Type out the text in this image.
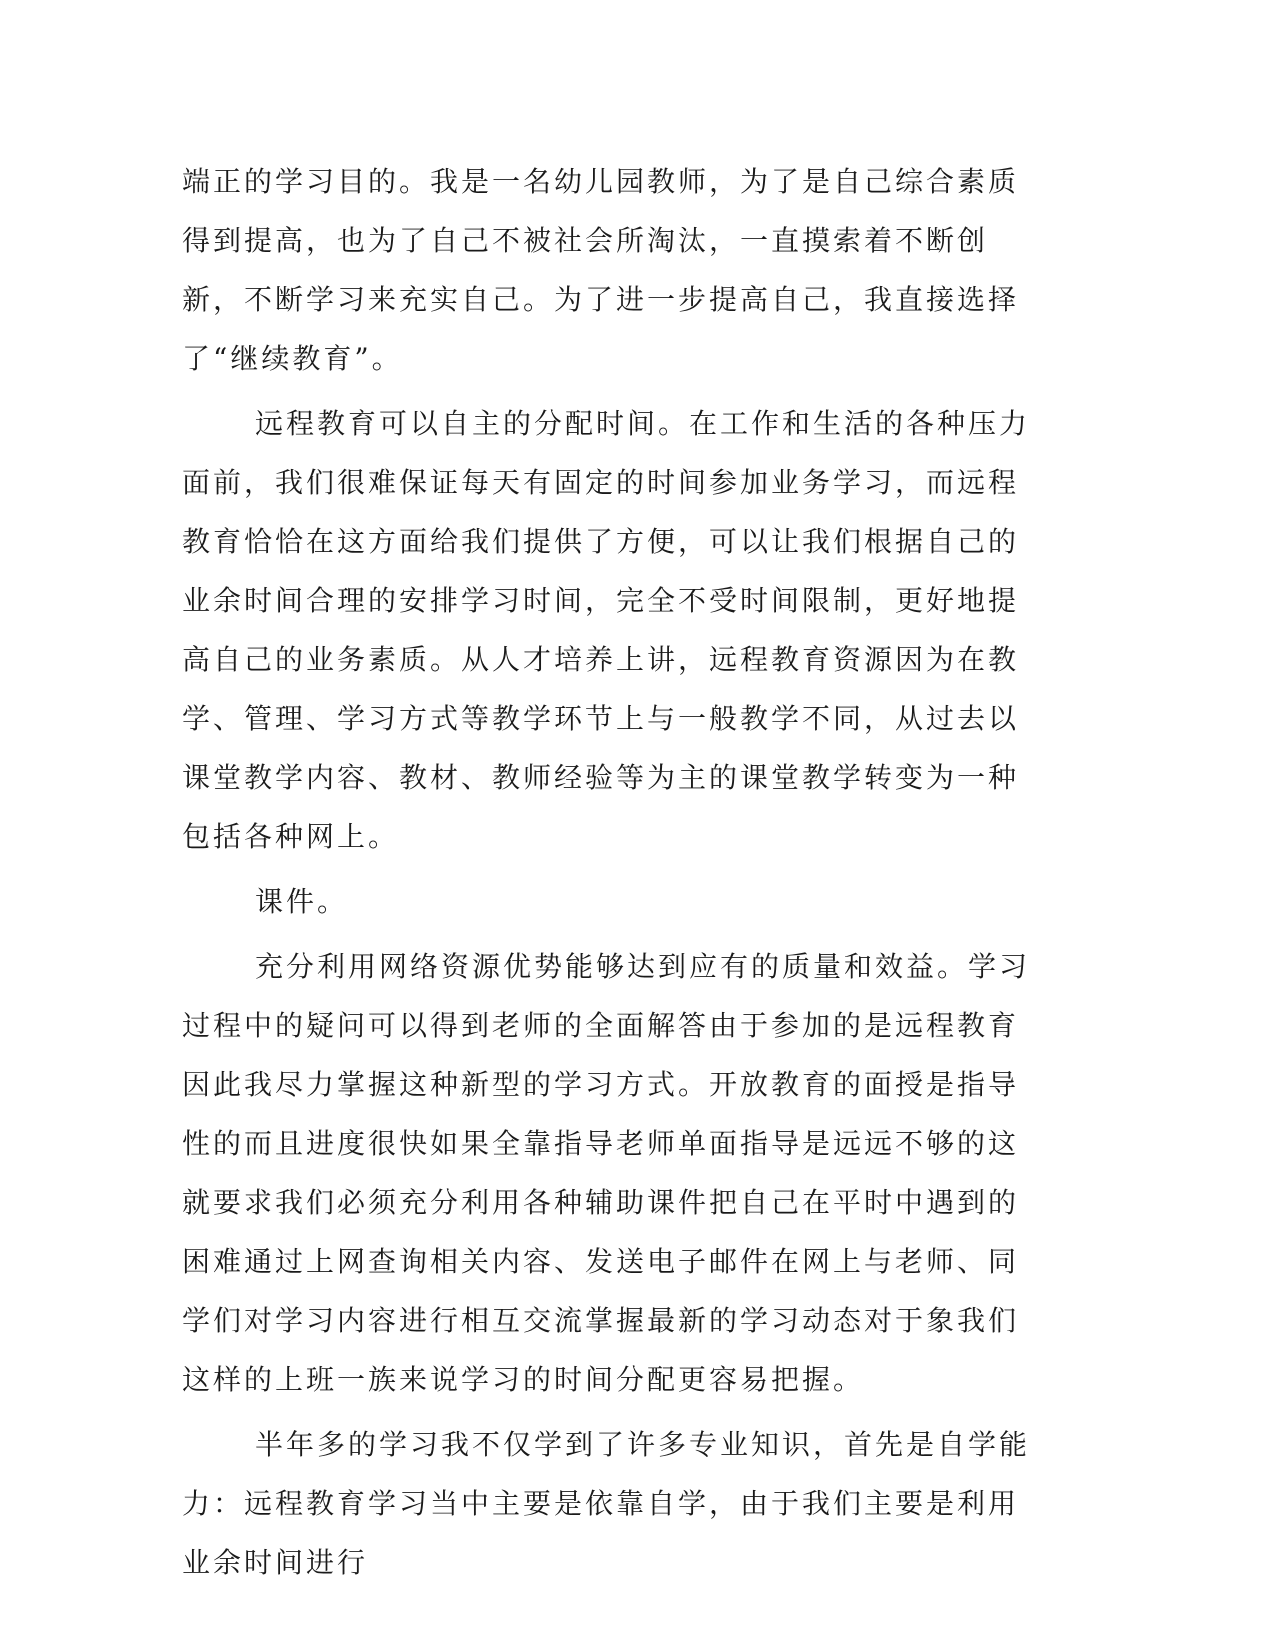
端正的学习目的。我是一名幼儿园教师，为了是自己综合素质得到提高，也为了自己不被社会所淘汰，一直摸索着不断创新，不断学习来充实自己。为了进一步提高自己，我直接选择了“继续教育”。

远程教育可以自主的分配时间。在工作和生活的各种压力面前，我们很难保证每天有固定的时间参加业务学习，而远程教育恰恰在这方面给我们提供了方便，可以让我们根据自己的业余时间合理的安排学习时间，完全不受时间限制，更好地提高自己的业务素质。从人才培养上讲，远程教育资源因为在教学、管理、学习方式等教学环节上与一般教学不同，从过去以课堂教学内容、教材、教师经验等为主的课堂教学转变为一种包括各种网上。

课件。

充分利用网络资源优势能够达到应有的质量和效益。学习过程中的疑问可以得到老师的全面解答由于参加的是远程教育因此我尽力掌握这种新型的学习方式。开放教育的面授是指导性的而且进度很快如果全靠指导老师单面指导是远远不够的这就要求我们必须充分利用各种辅助课件把自己在平时中遇到的困难通过上网查询相关内容、发送电子邮件在网上与老师、同学们对学习内容进行相互交流掌握最新的学习动态对于象我们这样的上班一族来说学习的时间分配更容易把握。

半年多的学习我不仅学到了许多专业知识，首先是自学能力：远程教育学习当中主要是依靠自学，由于我们主要是利用业余时间进行
